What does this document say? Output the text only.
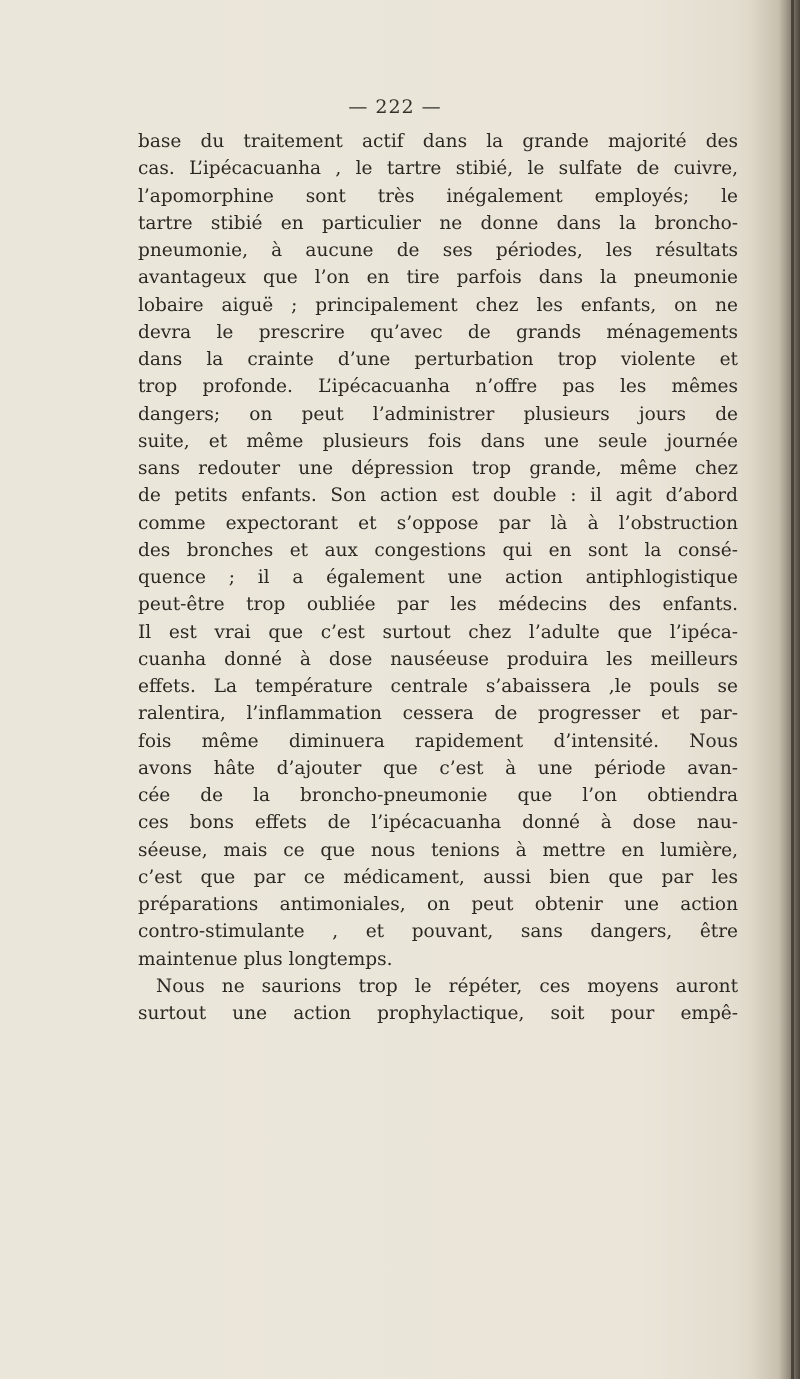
— 222 —
base du traitement actif dans la grande majorité des
cas. L’ipécacuanha , le tartre stibié, le sulfate de cuivre,
l’apomorphine sont très inégalement employés; le
tartre stibié en particulier ne donne dans la broncho-
pneumonie, à aucune de ses périodes, les résultats
avantageux que l’on en tire parfois dans la pneumonie
lobaire aiguë ; principalement chez les enfants, on ne
devra le prescrire qu’avec de grands ménagements
dans la crainte d’une perturbation trop violente et
trop profonde. L’ipécacuanha n’offre pas les mêmes
dangers; on peut l’administrer plusieurs jours de
suite, et même plusieurs fois dans une seule journée
sans redouter une dépression trop grande, même chez
de petits enfants. Son action est double : il agit d’abord
comme expectorant et s’oppose par là à l’obstruction
des bronches et aux congestions qui en sont la consé-
quence ; il a également une action antiphlogistique
peut-être trop oubliée par les médecins des enfants.
Il est vrai que c’est surtout chez l’adulte que l’ipéca-
cuanha donné à dose nauséeuse produira les meilleurs
effets. La température centrale s’abaissera ,le pouls se
ralentira, l’inflammation cessera de progresser et par-
fois même diminuera rapidement d’intensité. Nous
avons hâte d’ajouter que c’est à une période avan-
cée de la broncho-pneumonie que l’on obtiendra
ces bons effets de l’ipécacuanha donné à dose nau-
séeuse, mais ce que nous tenions à mettre en lumière,
c’est que par ce médicament, aussi bien que par les
préparations antimoniales, on peut obtenir une action
contro-stimulante , et pouvant, sans dangers, être
maintenue plus longtemps.
Nous ne saurions trop le répéter, ces moyens auront
surtout une action prophylactique, soit pour empê-
